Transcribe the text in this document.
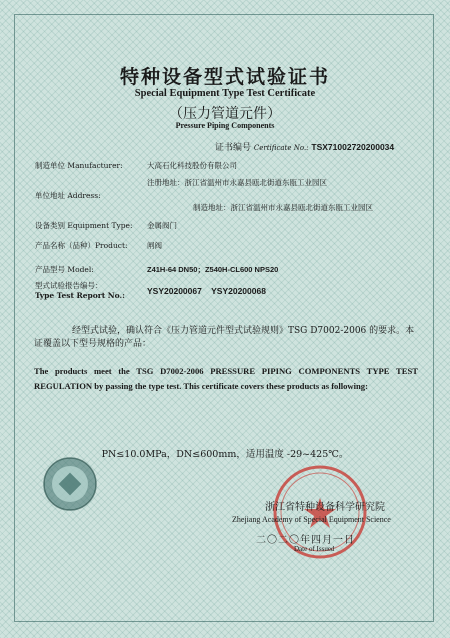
特种设备型式试验证书
Special Equipment Type Test Certificate
（压力管道元件）
Pressure Piping Components
证书编号 Certificate No.: TSX71002720200034
制造单位 Manufacturer:	大高石化科技股份有限公司
注册地址：浙江省温州市永嘉县瓯北街道东瓯工业园区
单位地址 Address:
制造地址：浙江省温州市永嘉县瓯北街道东瓯工业园区
设备类别 Equipment Type: 金属阀门
产品名称（品种）Product:	闸阀
产品型号 Model:	Z41H-64 DN50；Z540H-CL600 NPS20
型式试验报告编号：
Type Test Report No.:	YSY20200067    YSY20200068
经型式试验，确认符合《压力管道元件型式试验规则》TSG D7002-2006 的要求。本证覆盖以下型号规格的产品：
The products meet the TSG D7002-2006 PRESSURE PIPING COMPONENTS TYPE TEST REGULATION by passing the type test. This certificate covers these products as following:
PN≤10.0MPa，DN≤600mm，适用温度 -29~425℃。
浙江省特种设备科学研究院
Zhejiang Academy of Special Equipment Science
二〇二〇年四月一日
Date of Issued
